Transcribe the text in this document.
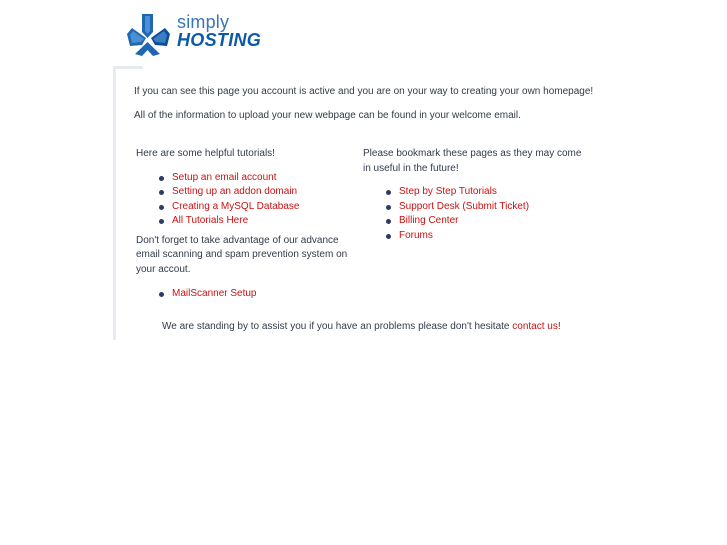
simply
HOSTING
If you can see this page you account is active and you are on your way to creating your own homepage!
All of the information to upload your new webpage can be found in your welcome email.

Here are some helpful tutorials!

Setup an email account
Setting up an addon domain
Creating a MySQL Database
All Tutorials Here

Don't forget to take advantage of our advance email scanning and spam prevention system on your accout.

MailScanner Setup

Please bookmark these pages as they may come in useful in the future!

Step by Step Tutorials
Support Desk (Submit Ticket)
Billing Center
Forums
We are standing by to assist you if you have an problems please don't hesitate contact us!
